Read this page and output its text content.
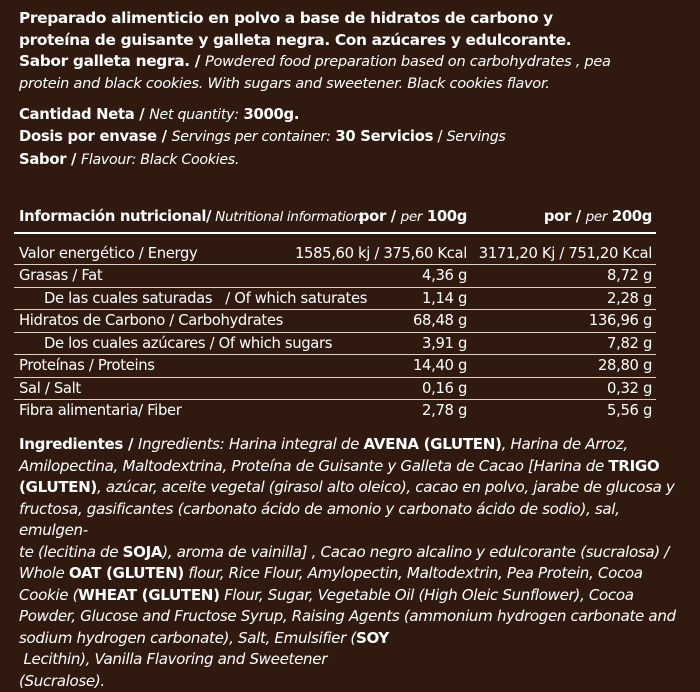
Preparado alimenticio en polvo a base de hidratos de carbono y
proteína de guisante y galleta negra. Con azúcares y edulcorante.
Sabor galleta negra. / Powdered food preparation based on carbohydrates , pea
protein and black cookies. With sugars and sweetener. Black cookies flavor.
Cantidad Neta / Net quantity: 3000g.
Dosis por envase / Servings per container: 30 Servicios / Servings
Sabor / Flavour: Black Cookies.
Información nutricional/ Nutritional information
por / per 100g	por / per 200g
Valor energético / Energy	1585,60 kj / 375,60 Kcal 3171,20 Kj / 751,20 Kcal
Grasas / Fat	4,36 g	8,72 g
De las cuales saturadas   / Of which saturates	1,14 g	2,28 g
Hidratos de Carbono / Carbohydrates	68,48 g	136,96 g
De los cuales azúcares / Of which sugars	3,91 g	7,82 g
Proteínas / Proteins	14,40 g	28,80 g
Sal / Salt	0,16 g	0,32 g
Fibra alimentaria/ Fiber	2,78 g	5,56 g
Ingredientes / Ingredients: Harina integral de AVENA (GLUTEN), Harina de Arroz,
Amilopectina, Maltodextrina, Proteína de Guisante y Galleta de Cacao [Harina de TRIGO
(GLUTEN), azúcar, aceite vegetal (girasol alto oleico), cacao en polvo, jarabe de glucosa y
fructosa, gasificantes (carbonato ácido de amonio y carbonato ácido de sodio), sal, emulgen-
te (lecitina de SOJA), aroma de vainilla] , Cacao negro alcalino y edulcorante (sucralosa) /
Whole OAT (GLUTEN) flour, Rice Flour, Amylopectin, Maltodextrin, Pea Protein, Cocoa
Cookie (WHEAT (GLUTEN) Flour, Sugar, Vegetable Oil (High Oleic Sunflower), Cocoa
Powder, Glucose and Fructose Syrup, Raising Agents (ammonium hydrogen carbonate and
sodium hydrogen carbonate), Salt, Emulsifier (SOY Lecithin), Vanilla Flavoring and Sweetener
(Sucralose).
